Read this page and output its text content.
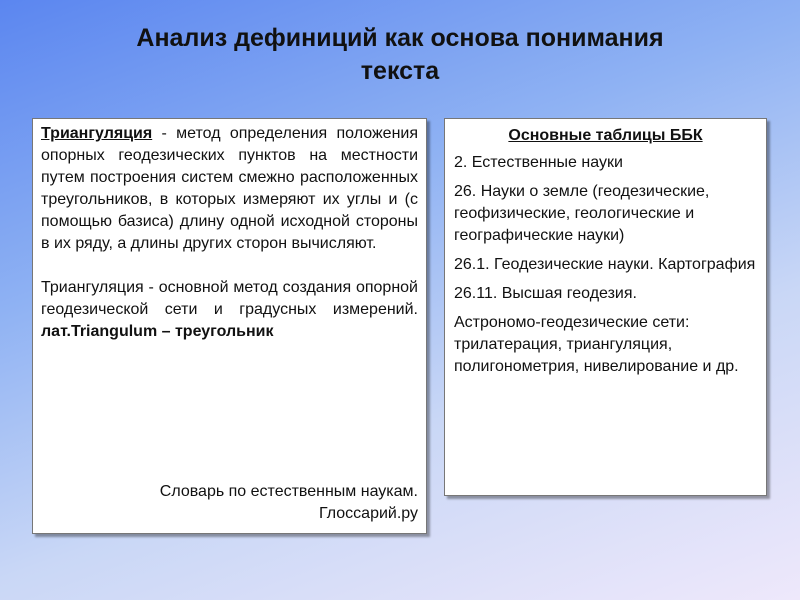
Анализ дефиниций как основа понимания
текста

Триангуляция - метод определения положения опорных геодезических пунктов на местности путем построения систем смежно расположенных треугольников, в которых измеряют их углы и (с помощью базиса) длину одной исходной стороны в их ряду, а длины других сторон вычисляют.

Триангуляция - основной метод создания опорной геодезической сети и градусных измерений. лат.Triangulum – треугольник

Словарь по естественным наукам.
Глоссарий.ру

Основные таблицы ББК

2. Естественные науки

26. Науки о земле (геодезические, геофизические, геологические и географические науки)

26.1. Геодезические науки. Картография

26.11. Высшая геодезия.

Астрономо-геодезические сети: трилатерация, триангуляция, полигонометрия, нивелирование и др.
